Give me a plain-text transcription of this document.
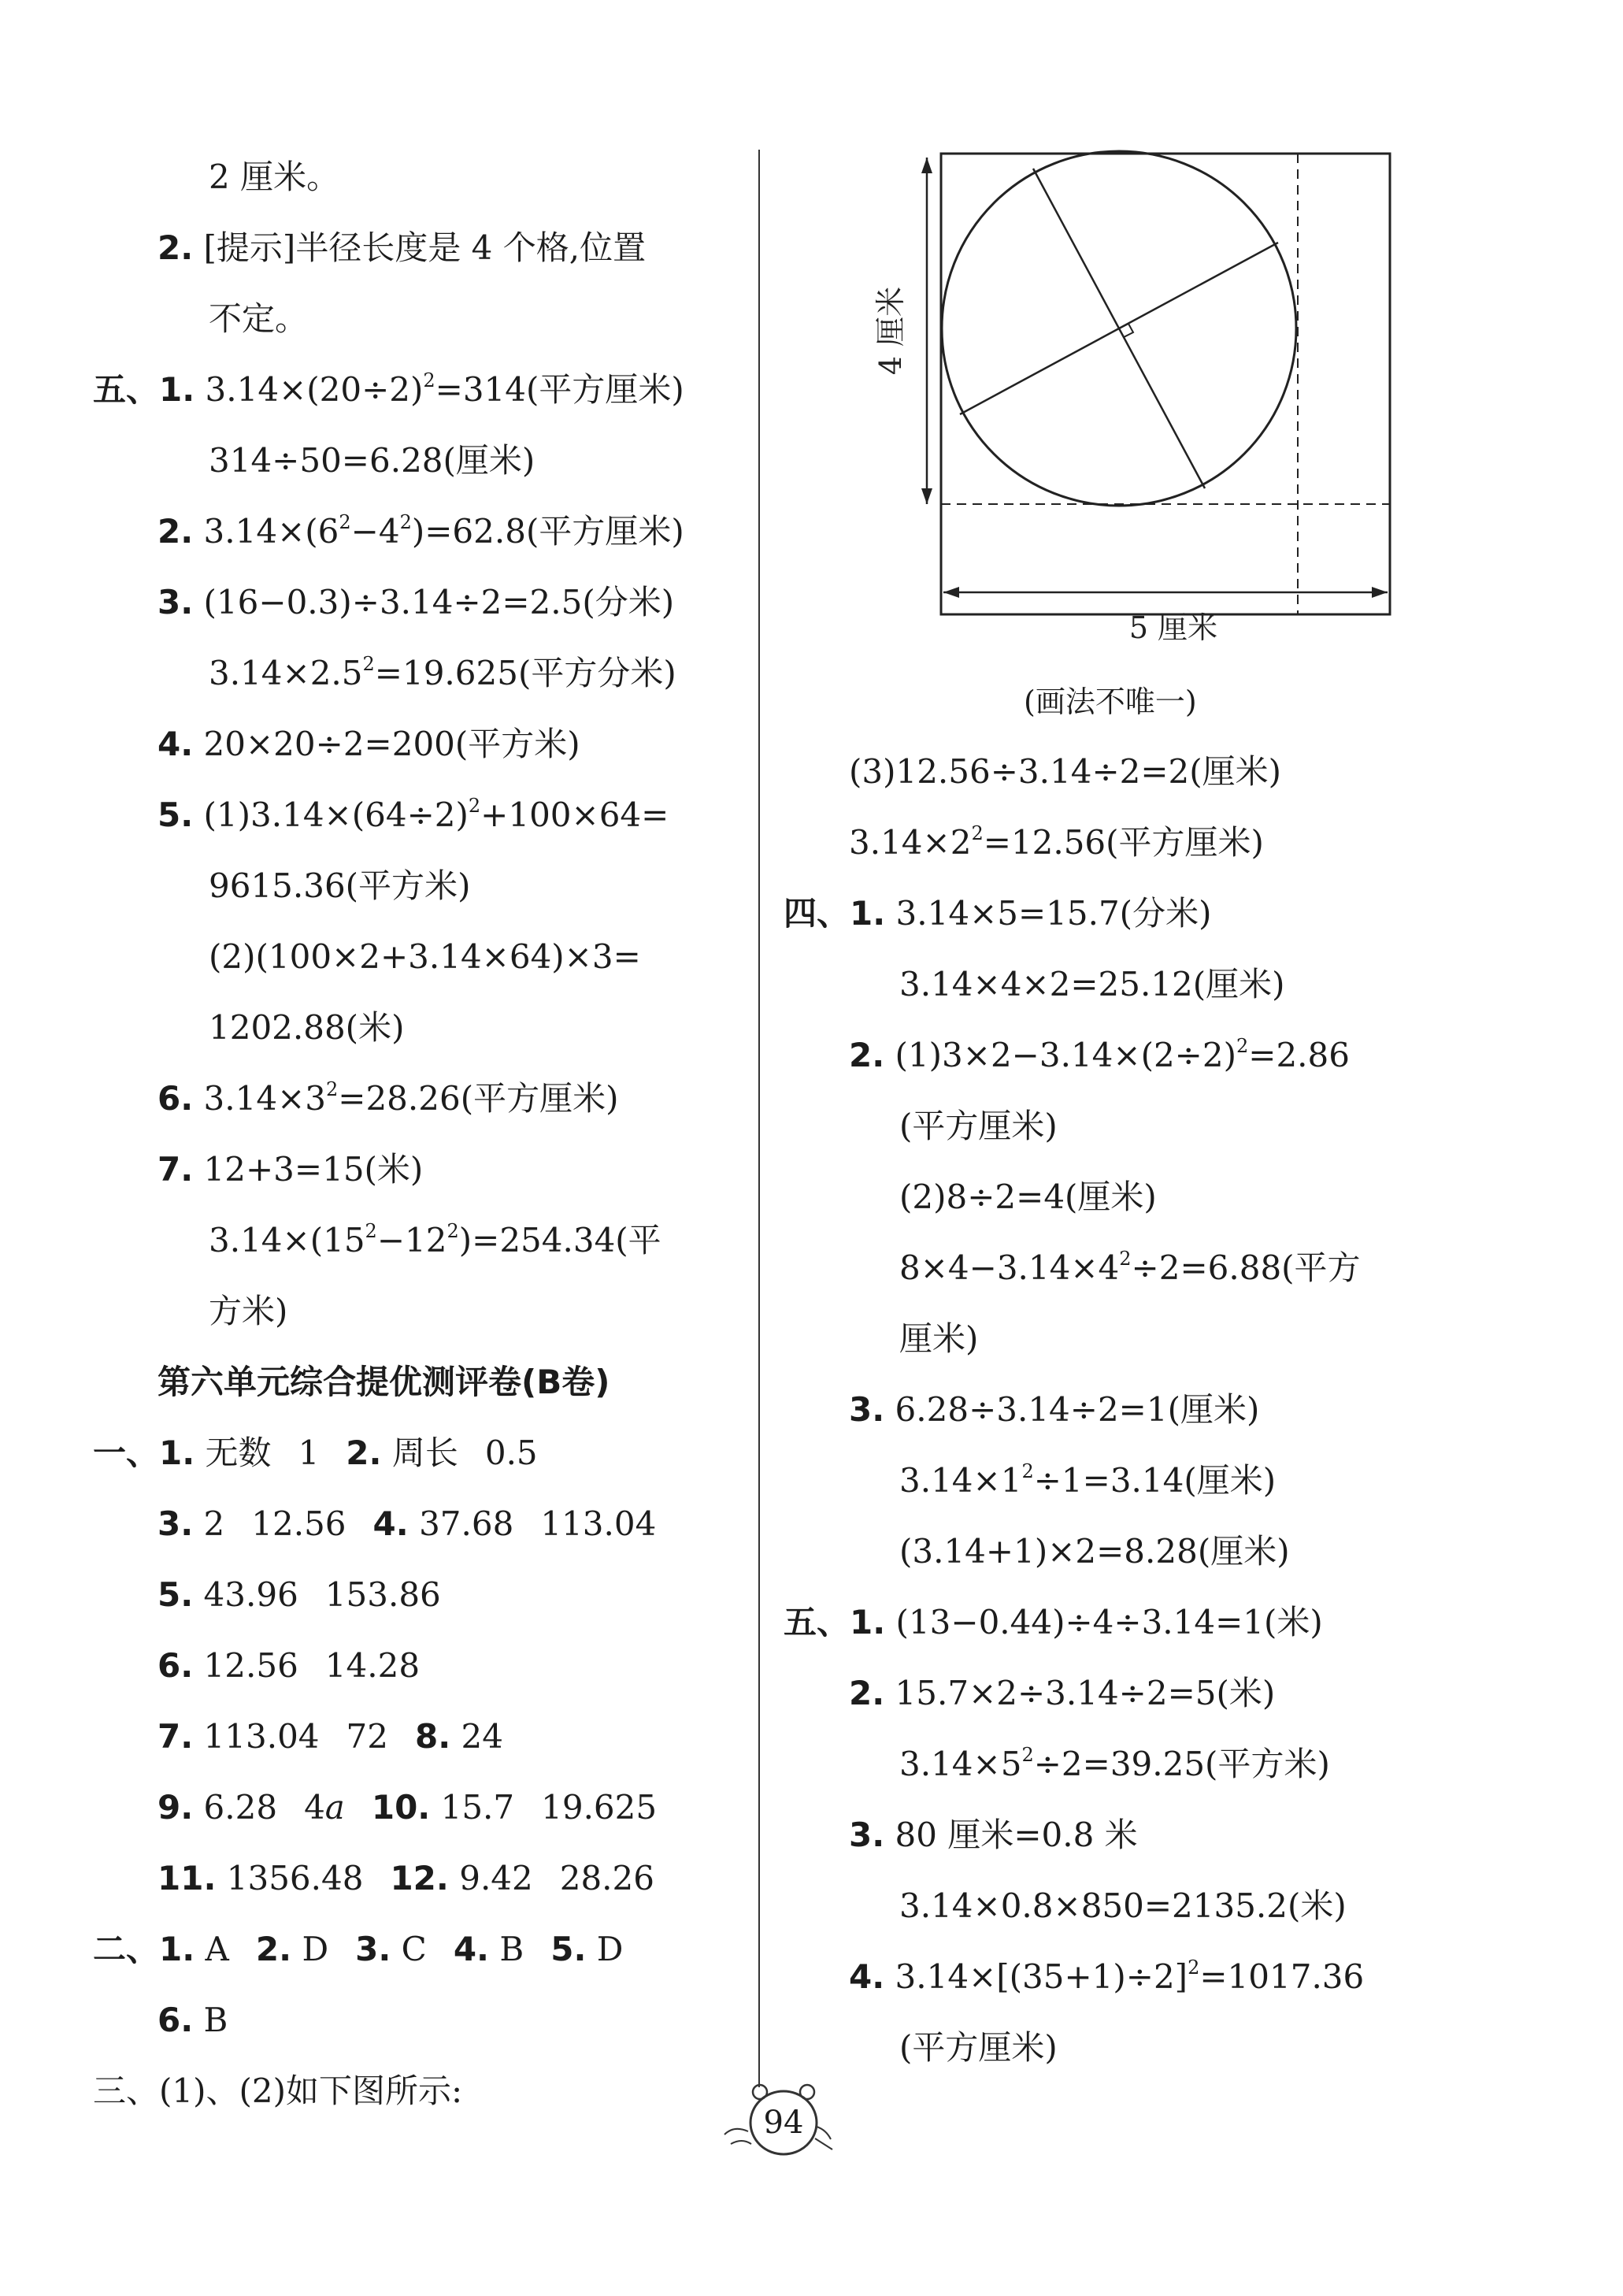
2 厘米。
2. [提示]半径长度是 4 个格,位置
不定。
五、1. $3.14\times(20\div 2)^2=314$(平方厘米)
314÷50=6.28(厘米)
2. $3.14\times(6^2-4^2)=62.8$(平方厘米)
3. (16−0.3)÷3.14÷2=2.5(分米)
$3.14\times 2.5^2=19.625$(平方分米)
4. 20×20÷2=200(平方米)
5. $(1)3.14\times(64\div 2)^2+100\times 64=$
9615.36(平方米)
(2)(100×2+3.14×64)×3=
1202.88(米)
6. $3.14\times 3^2=28.26$(平方厘米)
7. 12+3=15(米)
$3.14\times(15^2-12^2)=254.34$(平
方米)
第六单元综合提优测评卷(B卷)
一、1. 无数 1 2. 周长 0.5
3. 2 12.56 4. 37.68 113.04
5. 43.96 153.86
6. 12.56 14.28
7. 113.04 72 8. 24
9. 6.28 4a 10. 15.7 19.625
11. 1356.48 12. 9.42 28.26
二、1. A 2. D 3. C 4. B 5. D
6. B
三、(1)、(2)如下图所示:
4 厘米
5 厘米
(画法不唯一)
(3)12.56÷3.14÷2=2(厘米)
$3.14\times 2^2=12.56$(平方厘米)
四、1. 3.14×5=15.7(分米)
3.14×4×2=25.12(厘米)
2. $(1)3\times 2-3.14\times(2\div 2)^2=2.86$
(平方厘米)
(2)8÷2=4(厘米)
$8\times 4-3.14\times 4^2\div 2=6.88$(平方
厘米)
3. 6.28÷3.14÷2=1(厘米)
$3.14\times 1^2\div 1=3.14$(厘米)
(3.14+1)×2=8.28(厘米)
五、1. (13−0.44)÷4÷3.14=1(米)
2. 15.7×2÷3.14÷2=5(米)
$3.14\times 5^2\div 2=39.25$(平方米)
3. 80 厘米=0.8 米
3.14×0.8×850=2135.2(米)
4. $3.14\times[(35+1)\div 2]^2=1017.36$
(平方厘米)
94
